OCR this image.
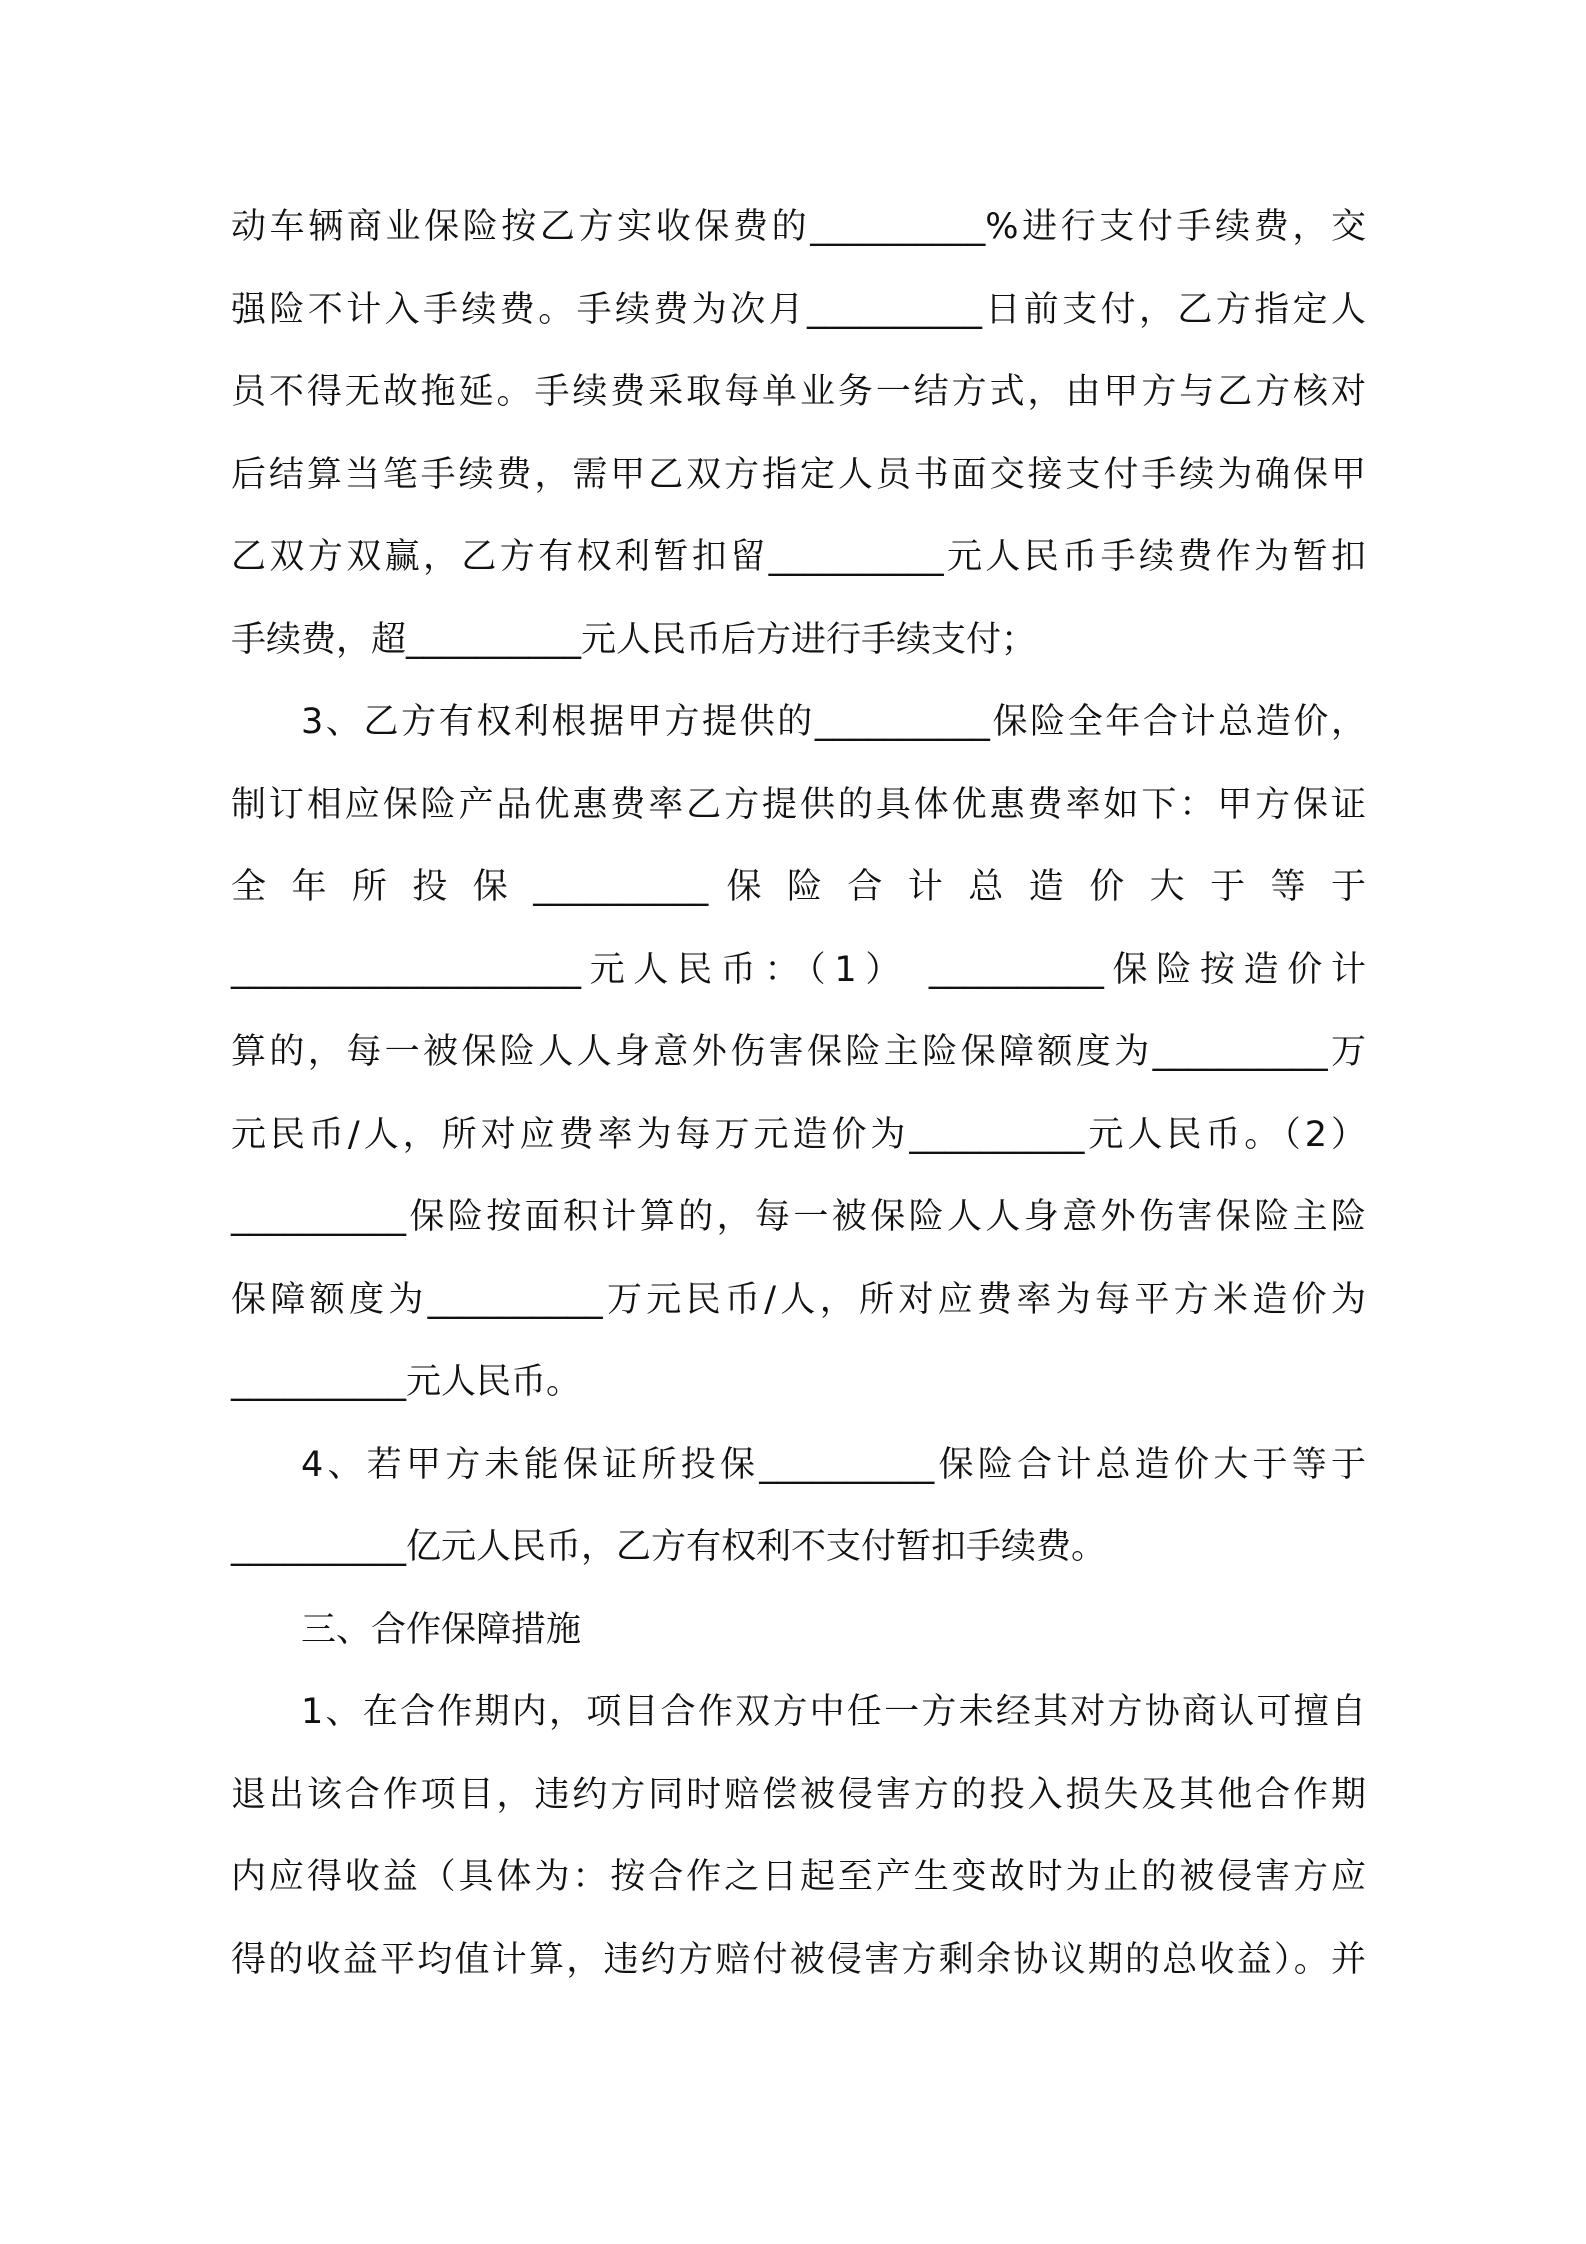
动车辆商业保险按乙方实收保费的__________%进行支付手续费，交
强险不计入手续费。手续费为次月__________日前支付，乙方指定人
员不得无故拖延。手续费采取每单业务一结方式，由甲方与乙方核对
后结算当笔手续费，需甲乙双方指定人员书面交接支付手续为确保甲
乙双方双赢，乙方有权利暂扣留__________元人民币手续费作为暂扣
手续费，超__________元人民币后方进行手续支付；
3、乙方有权利根据甲方提供的__________保险全年合计总造价，
制订相应保险产品优惠费率乙方提供的具体优惠费率如下：甲方保证
全 年 所 投 保 __________ 保 险 合 计 总 造 价 大 于 等 于
____________________元人民币：（1） __________保险按造价计
算的，每一被保险人人身意外伤害保险主险保障额度为__________万
元民币/人，所对应费率为每万元造价为__________元人民币。（2）
__________保险按面积计算的，每一被保险人人身意外伤害保险主险
保障额度为__________万元民币/人，所对应费率为每平方米造价为
__________元人民币。
4、若甲方未能保证所投保__________保险合计总造价大于等于
__________亿元人民币，乙方有权利不支付暂扣手续费。
三、合作保障措施
1、在合作期内，项目合作双方中任一方未经其对方协商认可擅自
退出该合作项目，违约方同时赔偿被侵害方的投入损失及其他合作期
内应得收益（具体为：按合作之日起至产生变故时为止的被侵害方应
得的收益平均值计算，违约方赔付被侵害方剩余协议期的总收益）。并
